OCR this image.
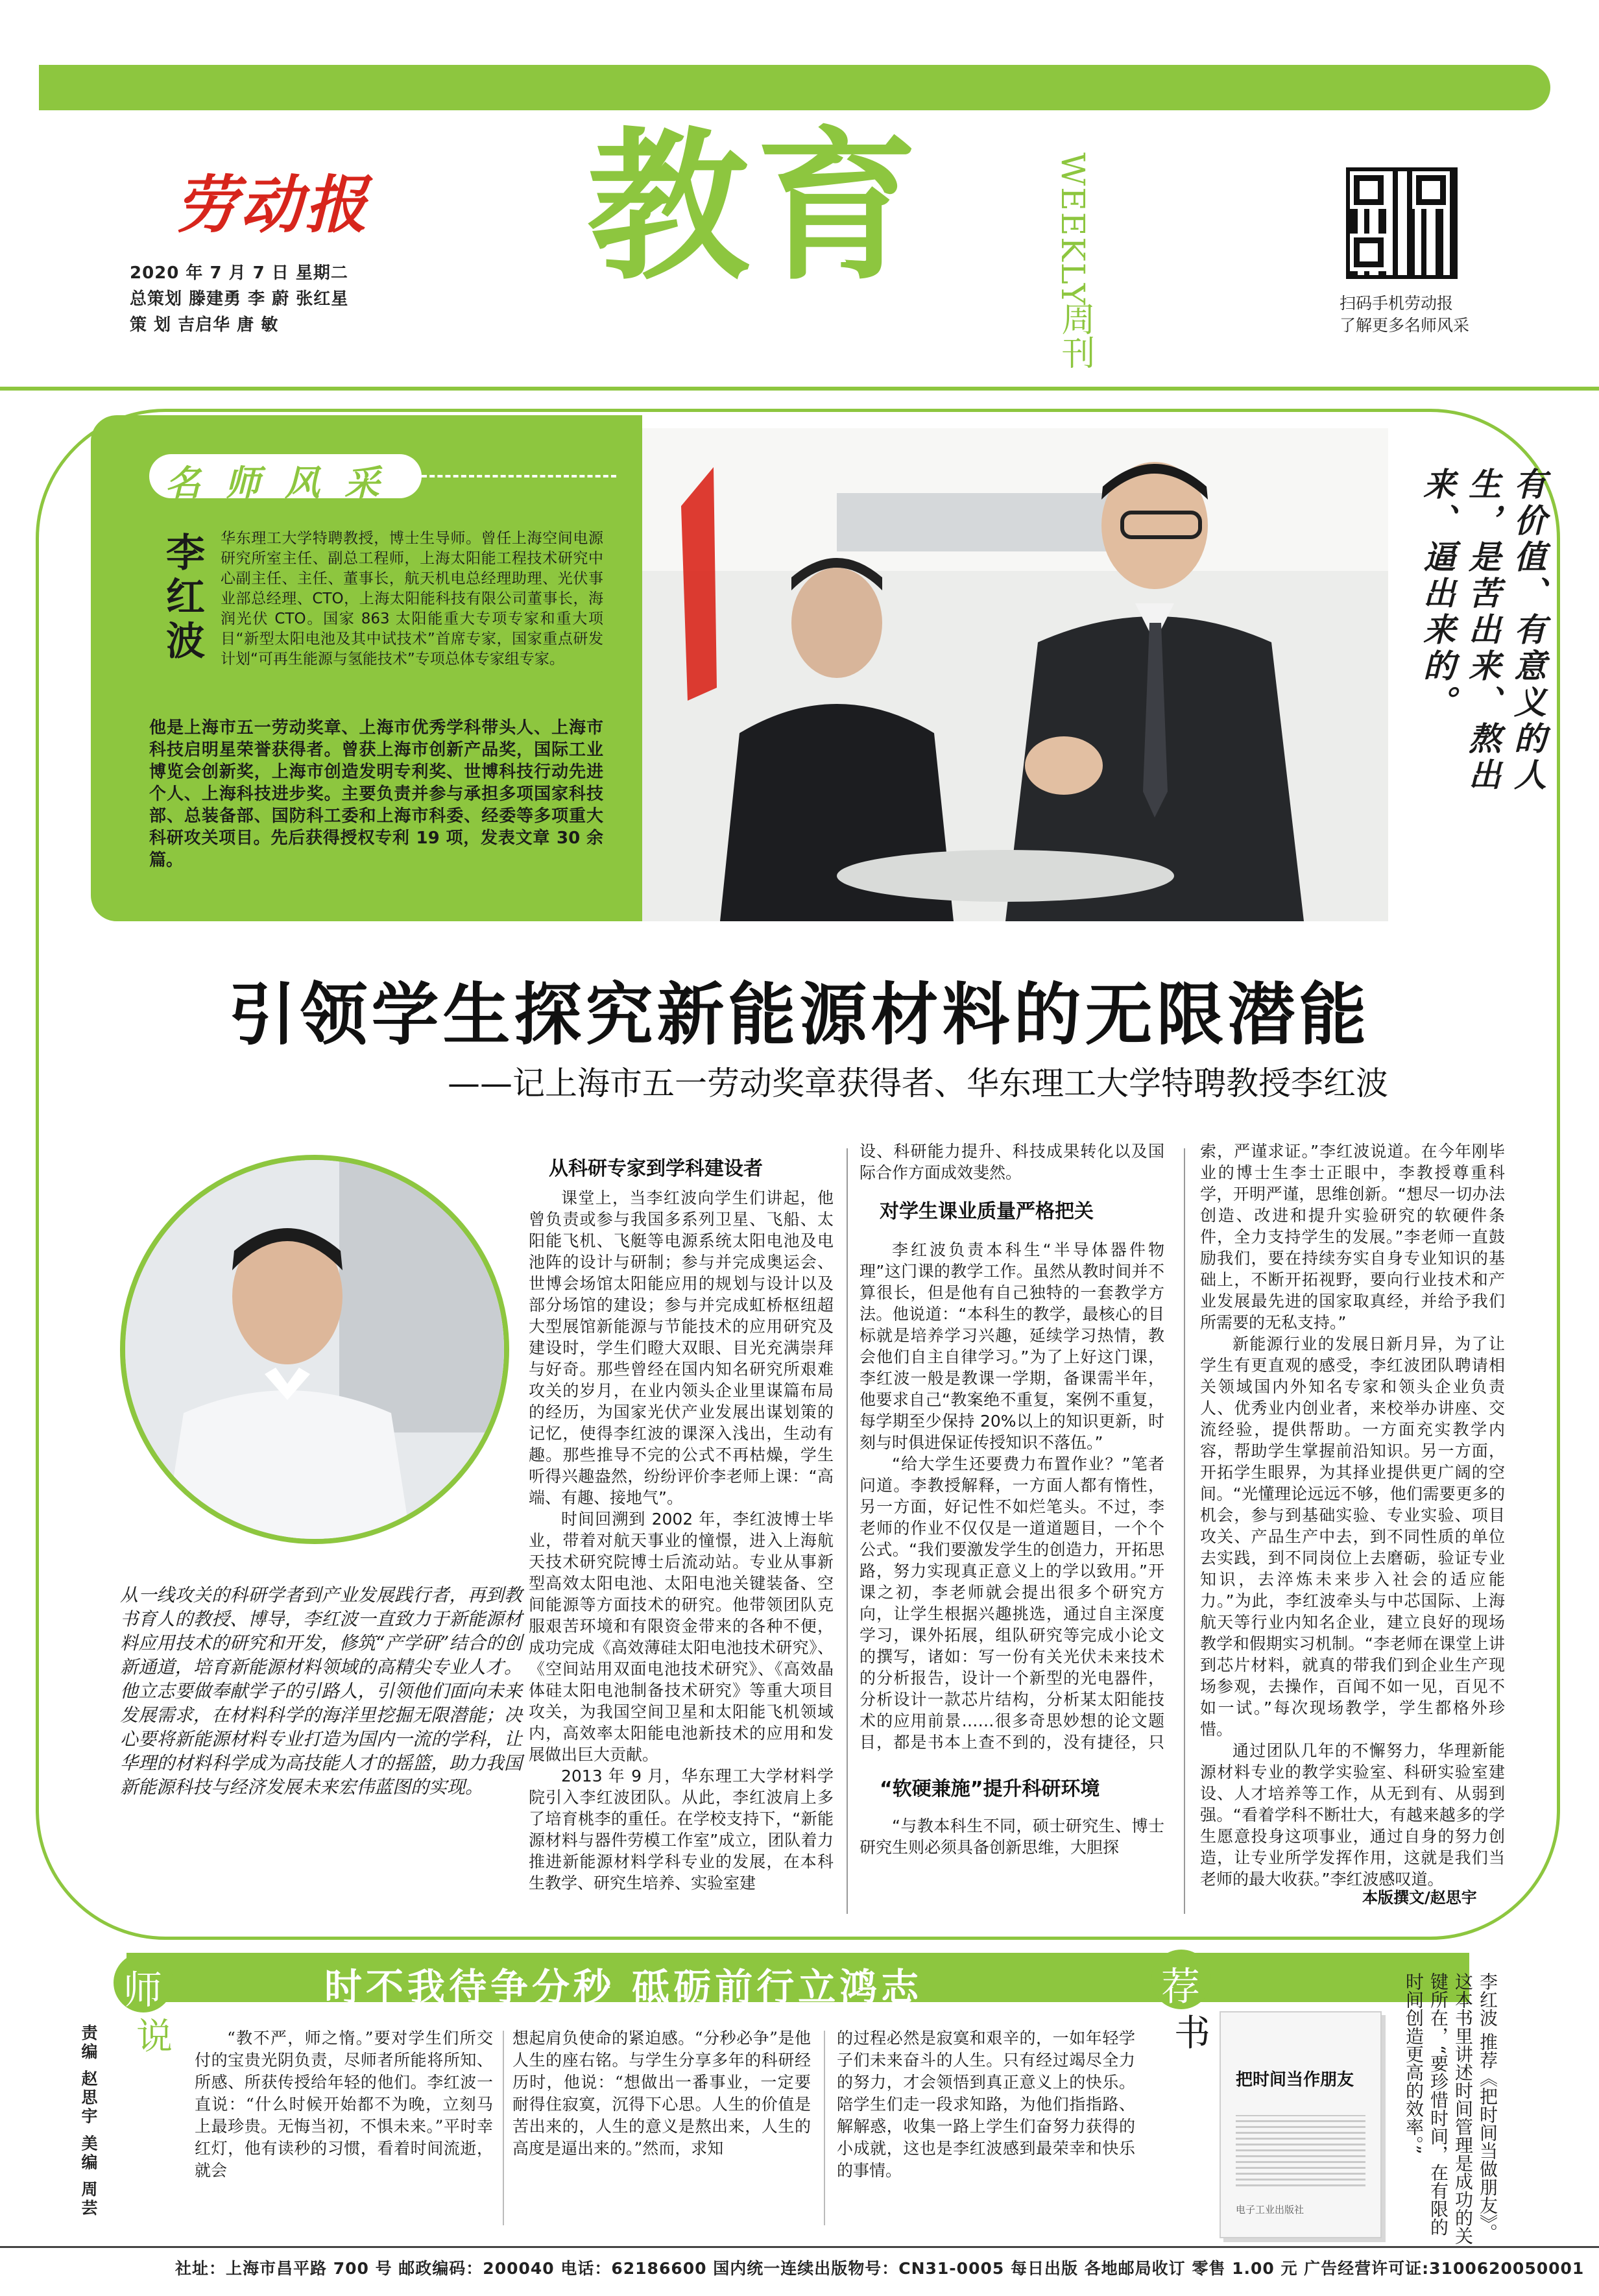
中国教育工会上海市委员会 劳动报社联合主办
劳动报
2020 年 7 月 7 日 星期二
总策划 滕建勇 李 蔚 张红星
策 划 吉启华 唐 敏
教育	WEEKLY
周刊	扫码手机劳动报
了解更多名师风采
名师风采
李红波	华东理工大学特聘教授，博士生导师。曾任上海空间电源研究所室主任、副总工程师，上海太阳能工程技术研究中心副主任、主任、董事长，航天机电总经理助理、光伏事业部总经理、CTO，上海太阳能科技有限公司董事长，海润光伏 CTO。国家 863 太阳能重大专项专家和重大项目“新型太阳电池及其中试技术”首席专家，国家重点研发计划“可再生能源与氢能技术”专项总体专家组专家。
他是上海市五一劳动奖章、上海市优秀学科带头人、上海市科技启明星荣誉获得者。曾获上海市创新产品奖，国际工业博览会创新奖，上海市创造发明专利奖、世博科技行动先进个人、上海科技进步奖。主要负责并参与承担多项国家科技部、总装备部、国防科工委和上海市科委、经委等多项重大科研攻关项目。先后获得授权专利 19 项，发表文章 30 余篇。
有价值、有意义的人生，是苦出来、熬出来、逼出来的。
引领学生探究新能源材料的无限潜能
——记上海市五一劳动奖章获得者、华东理工大学特聘教授李红波
从一线攻关的科研学者到产业发展践行者，再到教书育人的教授、博导，李红波一直致力于新能源材料应用技术的研究和开发，修筑“产学研”结合的创新通道，培育新能源材料领域的高精尖专业人才。他立志要做奉献学子的引路人，引领他们面向未来发展需求，在材料科学的海洋里挖掘无限潜能；决心要将新能源材料专业打造为国内一流的学科，让华理的材料科学成为高技能人才的摇篮，助力我国新能源科技与经济发展未来宏伟蓝图的实现。
从科研专家到学科建设者

课堂上，当李红波向学生们讲起，他曾负责或参与我国多系列卫星、飞船、太阳能飞机、飞艇等电源系统太阳电池及电池阵的设计与研制；参与并完成奥运会、世博会场馆太阳能应用的规划与设计以及部分场馆的建设；参与并完成虹桥枢纽超大型展馆新能源与节能技术的应用研究及建设时，学生们瞪大双眼、目光充满崇拜与好奇。那些曾经在国内知名研究所艰难攻关的岁月，在业内领头企业里谋篇布局的经历，为国家光伏产业发展出谋划策的记忆，使得李红波的课深入浅出，生动有趣。那些推导不完的公式不再枯燥，学生听得兴趣盎然，纷纷评价李老师上课：“高端、有趣、接地气”。

时间回溯到 2002 年，李红波博士毕业，带着对航天事业的憧憬，进入上海航天技术研究院博士后流动站。专业从事新型高效太阳电池、太阳电池关键装备、空间能源等方面技术的研究。他带领团队克服艰苦环境和有限资金带来的各种不便，成功完成《高效薄硅太阳电池技术研究》、《空间站用双面电池技术研究》、《高效晶体硅太阳电池制备技术研究》等重大项目攻关，为我国空间卫星和太阳能飞机领域内，高效率太阳能电池新技术的应用和发展做出巨大贡献。

2013 年 9 月，华东理工大学材料学院引入李红波团队。从此，李红波肩上多了培育桃李的重任。在学校支持下，“新能源材料与器件劳模工作室”成立，团队着力推进新能源材料学科专业的发展，在本科生教学、研究生培养、实验室建

设、科研能力提升、科技成果转化以及国际合作方面成效斐然。
对学生课业质量严格把关

李红波负责本科生“半导体器件物理”这门课的教学工作。虽然从教时间并不算很长，但是他有自己独特的一套教学方法。他说道：“本科生的教学，最核心的目标就是培养学习兴趣，延续学习热情，教会他们自主自律学习。”为了上好这门课，李红波一般是教课一学期，备课需半年，他要求自己“教案绝不重复，案例不重复，每学期至少保持 20%以上的知识更新，时刻与时俱进保证传授知识不落伍。”

“给大学生还要费力布置作业？”笔者问道。李教授解释，一方面人都有惰性，另一方面，好记性不如烂笔头。不过，李老师的作业不仅仅是一道道题目，一个个公式。“我们要激发学生的创造力，开拓思路，努力实现真正意义上的学以致用。”开课之初，李老师就会提出很多个研究方向，让学生根据兴趣挑选，通过自主深度学习，课外拓展，组队研究等完成小论文的撰写，诸如：写一份有关光伏未来技术的分析报告，设计一个新型的光电器件，分析设计一款芯片结构，分析某太阳能技术的应用前景……很多奇思妙想的论文题目，都是书本上查不到的，没有捷径，只

“软硬兼施”提升科研环境

“与教本科生不同，硕士研究生、博士研究生则必须具备创新思维，大胆探

索，严谨求证。”李红波说道。在今年刚毕业的博士生李士正眼中，李教授尊重科学，开明严谨，思维创新。“想尽一切办法创造、改进和提升实验研究的软硬件条件，全力支持学生的发展。”李老师一直鼓励我们，要在持续夯实自身专业知识的基础上，不断开拓视野，要向行业技术和产业发展最先进的国家取真经，并给予我们所需要的无私支持。”

新能源行业的发展日新月异，为了让学生有更直观的感受，李红波团队聘请相关领域国内外知名专家和领头企业负责人、优秀业内创业者，来校举办讲座、交流经验，提供帮助。一方面充实教学内容，帮助学生掌握前沿知识。另一方面，开拓学生眼界，为其择业提供更广阔的空间。“光懂理论远远不够，他们需要更多的机会，参与到基础实验、专业实验、项目攻关、产品生产中去，到不同性质的单位去实践，到不同岗位上去磨砺，验证专业知识，去淬炼未来步入社会的适应能力。”为此，李红波牵头与中芯国际、上海航天等行业内知名企业，建立良好的现场教学和假期实习机制。“李老师在课堂上讲到芯片材料，就真的带我们到企业生产现场参观，去操作，百闻不如一见，百见不如一试。”每次现场教学，学生都格外珍惜。

通过团队几年的不懈努力，华理新能源材料专业的教学实验室、科研实验室建设、人才培养等工作，从无到有、从弱到强。“看着学科不断壮大，有越来越多的学生愿意投身这项事业，通过自身的努力创造，让专业所学发挥作用，这就是我们当老师的最大收获。”李红波感叹道。

本版撰文/赵思宇
时不我待争分秒 砥砺前行立鸿志
师
说
荐
书
责编 赵思宇 美编 周芸	“教不严，师之惰。”要对学生们所交付的宝贵光阴负责，尽师者所能将所知、所感、所获传授给年轻的他们。李红波一直说：“什么时候开始都不为晚，立刻马上最珍贵。无悔当初，不惧未来。”平时幸红灯，他有读秒的习惯，看着时间流逝，就会

想起肩负使命的紧迫感。“分秒必争”是他人生的座右铭。与学生分享多年的科研经历时，他说：“想做出一番事业，一定要耐得住寂寞，沉得下心思。人生的价值是苦出来的，人生的意义是熬出来，人生的高度是逼出来的。”然而，求知
的过程必然是寂寞和艰辛的，一如年轻学子们未来奋斗的人生。只有经过竭尽全力的努力，才会领悟到真正意义上的快乐。陪学生们走一段求知路，为他们指指路、解解惑，收集一路上学生们奋努力获得的小成就，这也是李红波感到最荣幸和快乐的事情。
把时间当作朋友
电子工业出版社	李红波 推荐《把时间当做朋友》。这本书里讲述时间管理是成功的关键所在，“要珍惜时间，在有限的时间创造更高的效率。”
社址：上海市昌平路 700 号 邮政编码：200040 电话：62186600 国内统一连续出版物号：CN31-0005 每日出版 各地邮局收订 零售 1.00 元 广告经营许可证:3100620050001
